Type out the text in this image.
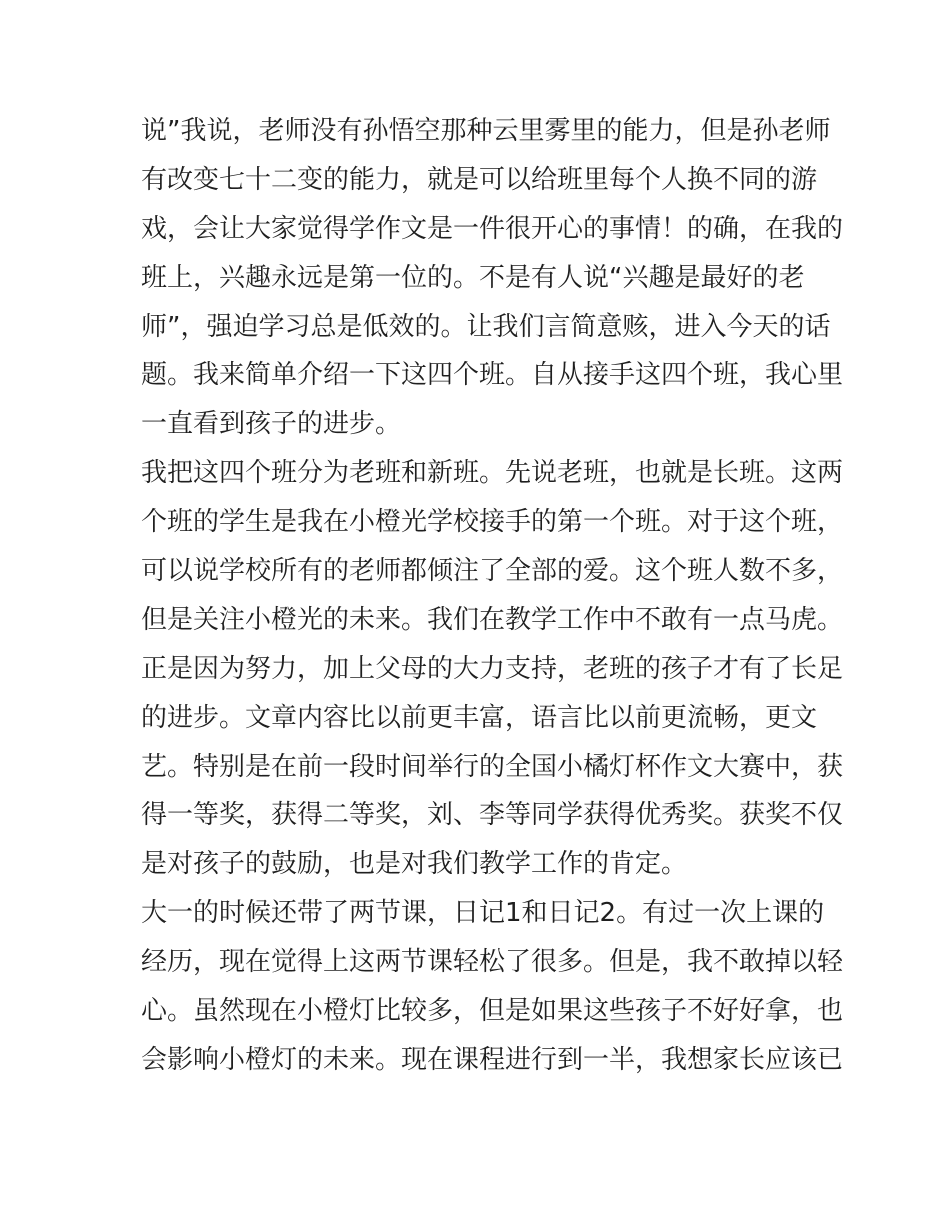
说”我说，老师没有孙悟空那种云里雾里的能力，但是孙老师
有改变七十二变的能力，就是可以给班里每个人换不同的游
戏，会让大家觉得学作文是一件很开心的事情！的确，在我的
班上，兴趣永远是第一位的。不是有人说“兴趣是最好的老
师”，强迫学习总是低效的。让我们言简意赅，进入今天的话
题。我来简单介绍一下这四个班。自从接手这四个班，我心里
一直看到孩子的进步。
我把这四个班分为老班和新班。先说老班，也就是长班。这两
个班的学生是我在小橙光学校接手的第一个班。对于这个班，
可以说学校所有的老师都倾注了全部的爱。这个班人数不多，
但是关注小橙光的未来。我们在教学工作中不敢有一点马虎。
正是因为努力，加上父母的大力支持，老班的孩子才有了长足
的进步。文章内容比以前更丰富，语言比以前更流畅，更文
艺。特别是在前一段时间举行的全国小橘灯杯作文大赛中，获
得一等奖，获得二等奖，刘、李等同学获得优秀奖。获奖不仅
是对孩子的鼓励，也是对我们教学工作的肯定。
大一的时候还带了两节课，日记1和日记2。有过一次上课的
经历，现在觉得上这两节课轻松了很多。但是，我不敢掉以轻
心。虽然现在小橙灯比较多，但是如果这些孩子不好好拿，也
会影响小橙灯的未来。现在课程进行到一半，我想家长应该已
